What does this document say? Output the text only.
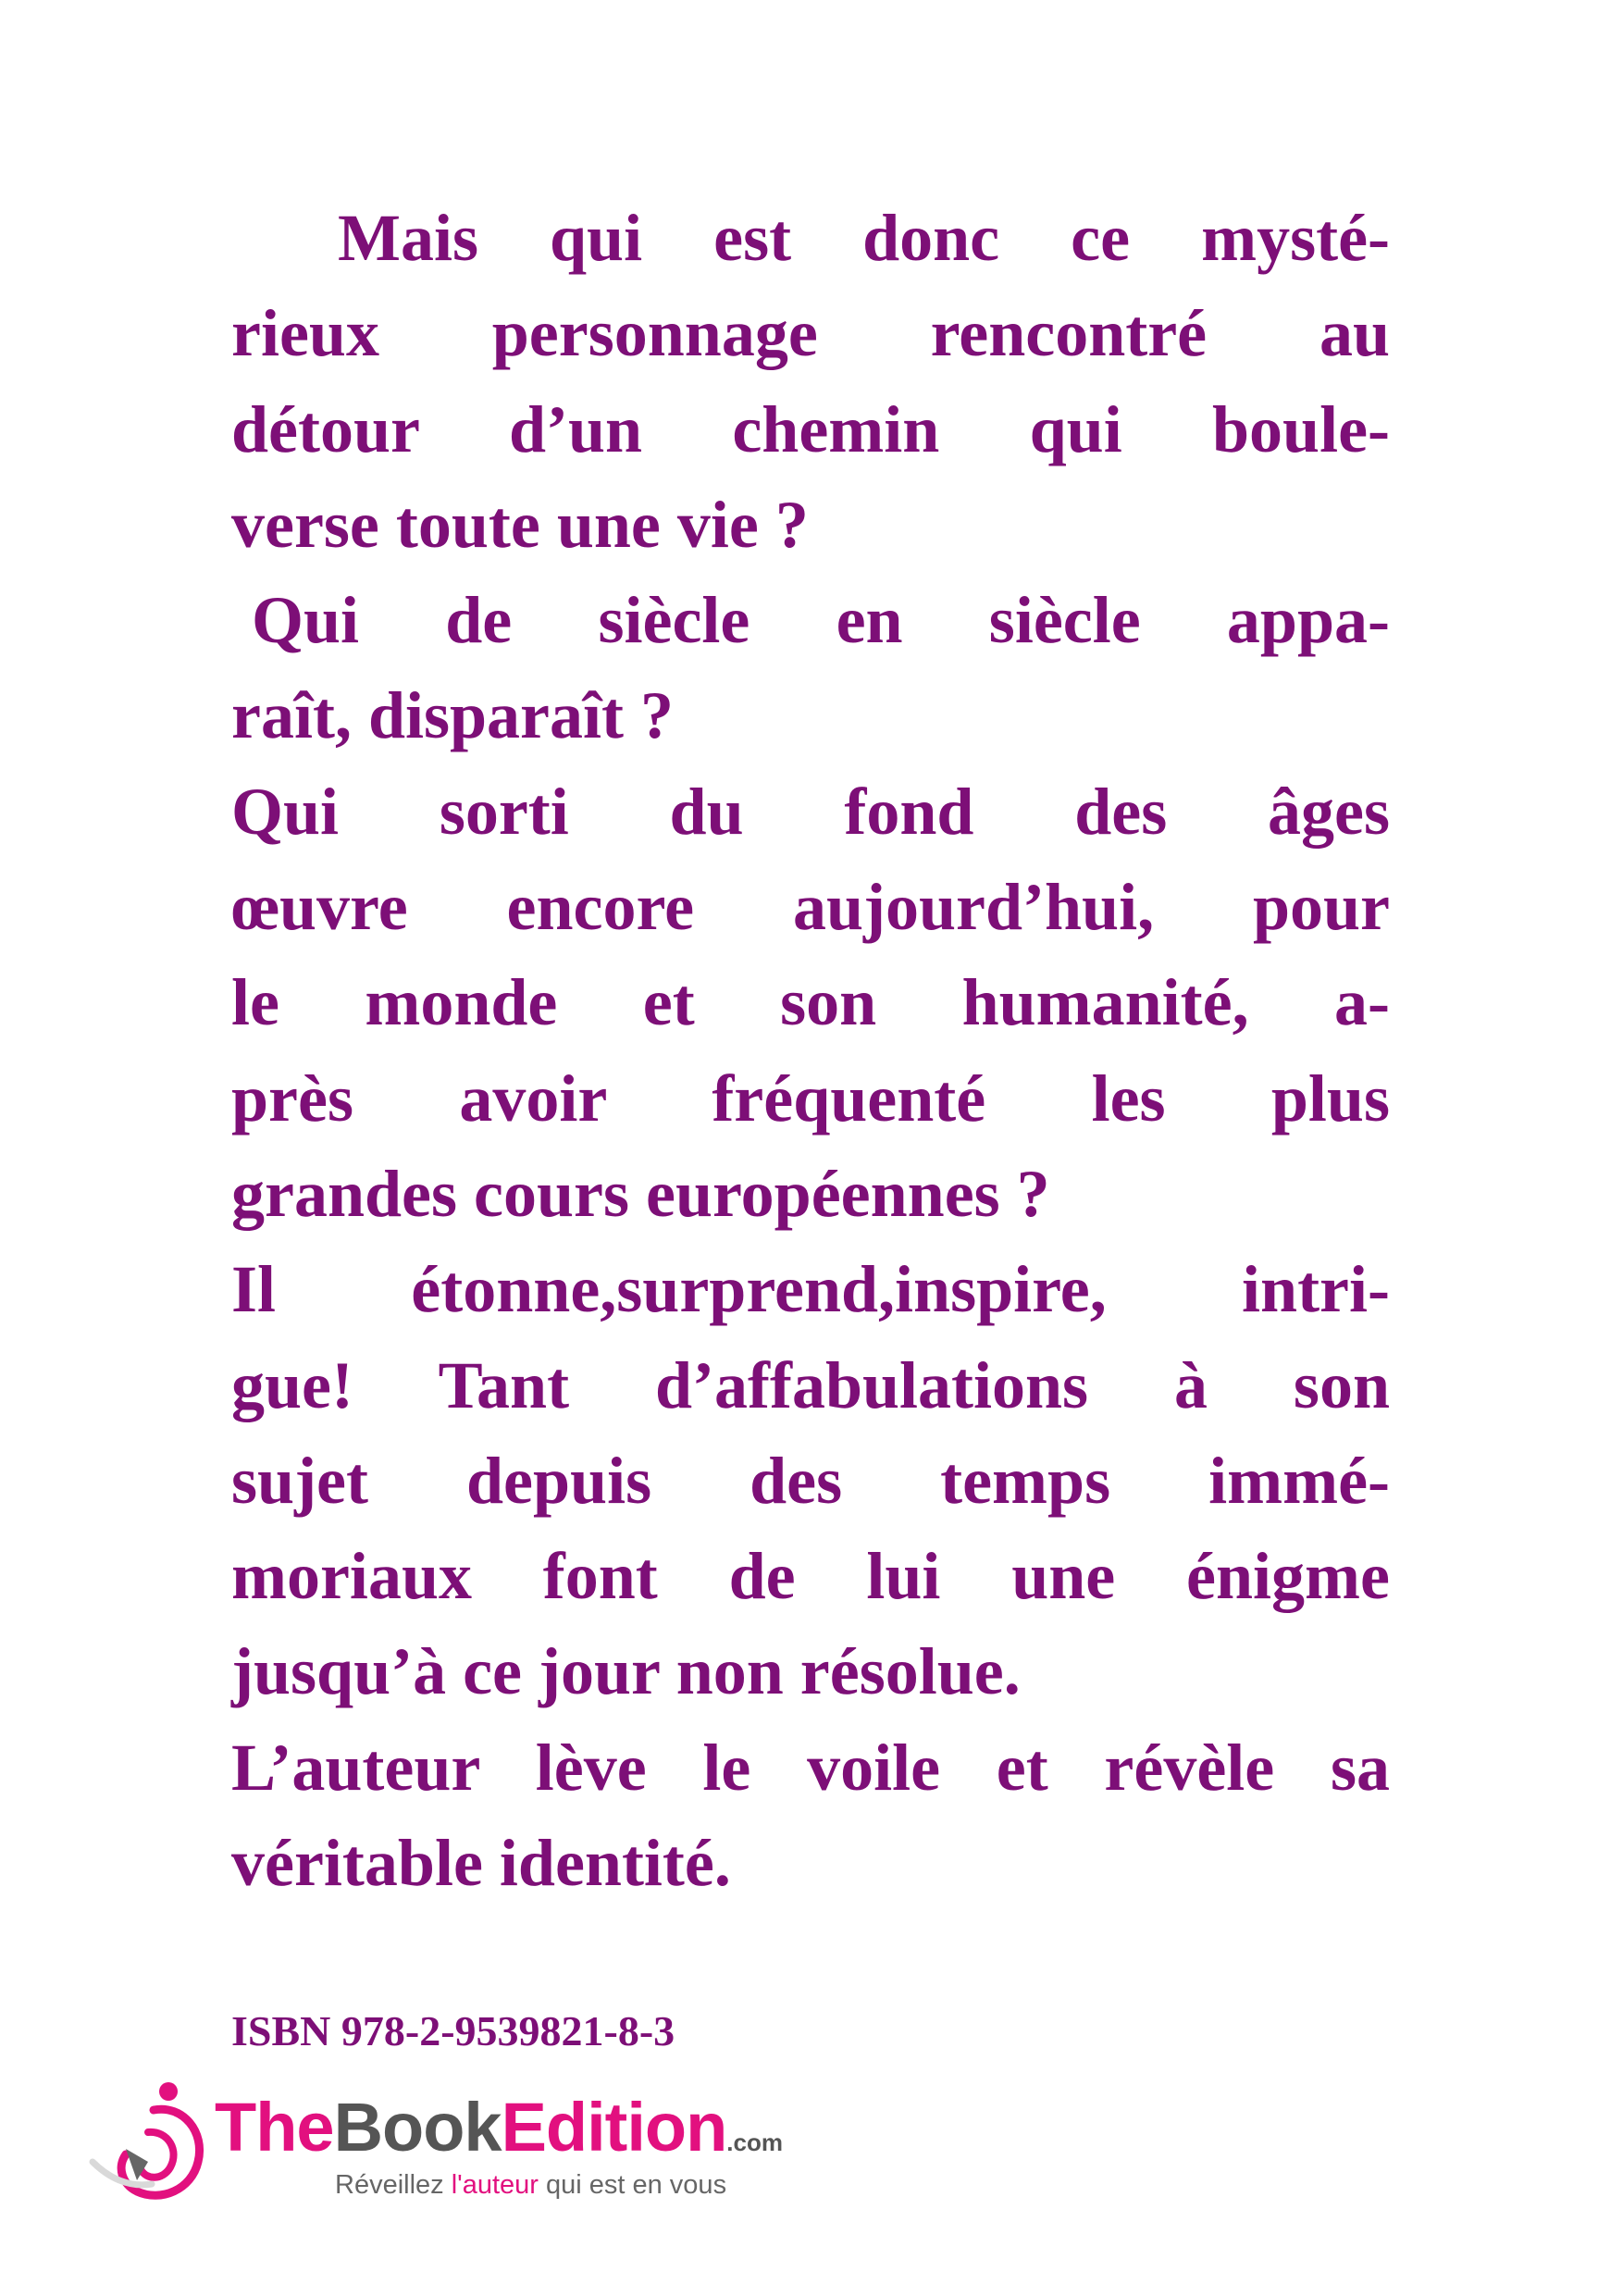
Mais qui est donc ce mysté-
rieux personnage rencontré au
détour d’un chemin qui boule-
verse toute une vie ?
Qui de siècle en siècle appa-
raît, disparaît ?
Qui sorti du fond des âges
œuvre encore aujourd’hui, pour
le monde et son humanité, a-
près avoir fréquenté les plus
grandes cours européennes ?
Il étonne,surprend,inspire, intri-
gue! Tant d’affabulations à son
sujet depuis des temps immé-
moriaux font de lui une énigme
jusqu’à ce jour non résolue.
L’auteur lève le voile et révèle sa
véritable identité.
ISBN 978-2-9539821-8-3
TheBookEdition.com
Réveillez l'auteur qui est en vous
